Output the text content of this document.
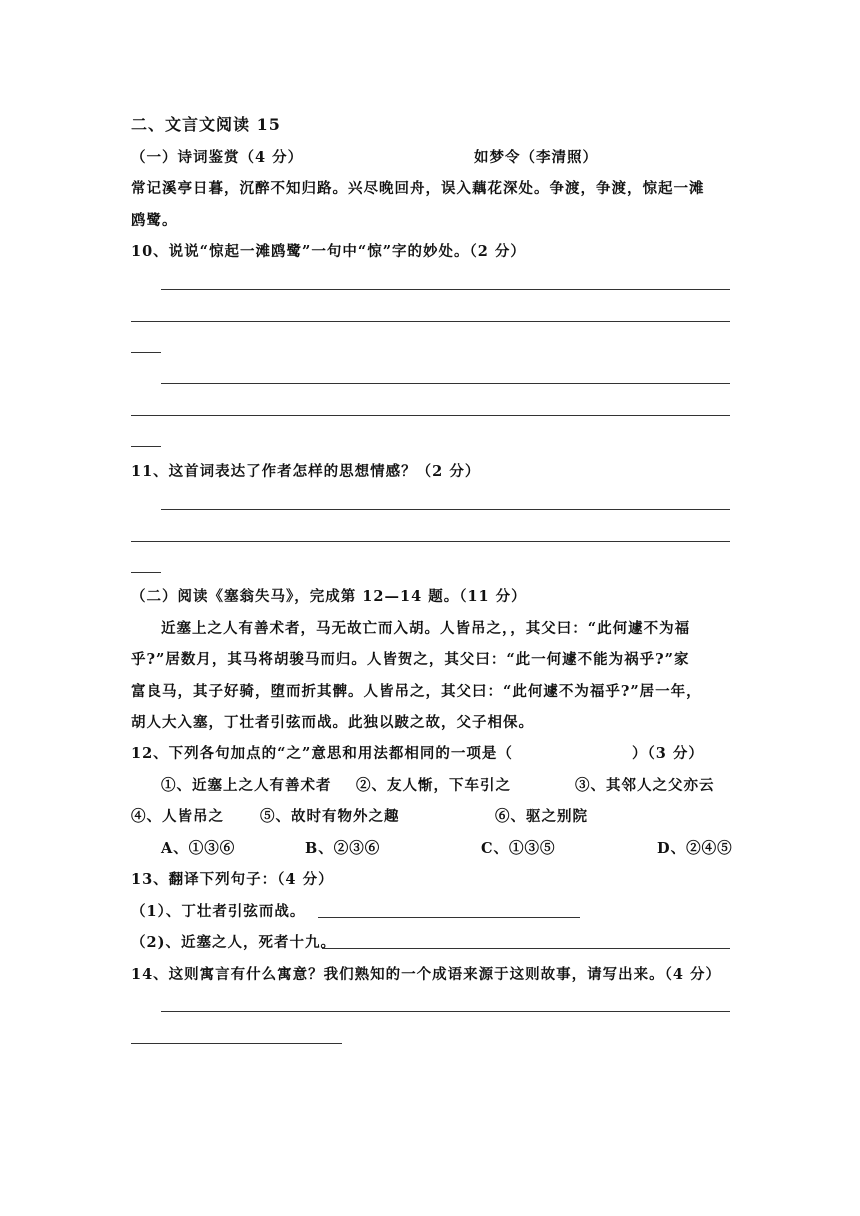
二、文言文阅读 15
（一）诗词鉴赏（4 分）	如梦令（李清照）
常记溪亭日暮，沉醉不知归路。兴尽晚回舟，误入藕花深处。争渡，争渡，惊起一滩
鸥鹭。
10、说说“惊起一滩鸥鹭”一句中“惊”字的妙处。（2 分）
11、这首词表达了作者怎样的思想情感？（2 分）
（二）阅读《塞翁失马》，完成第 12—14 题。（11 分）
近塞上之人有善术者，马无故亡而入胡。人皆吊之，，其父曰：“此何遽不为福
乎?”居数月，其马将胡骏马而归。人皆贺之，其父曰：“此一何遽不能为祸乎?”家
富良马，其子好骑，堕而折其髀。人皆吊之，其父曰：“此何遽不为福乎?”居一年，
胡人大入塞，丁壮者引弦而战。此独以跛之故，父子相保。
12、下列各句加点的“之”意思和用法都相同的一项是（	）（3 分）
①、近塞上之人有善术者 ②、友人惭，下车引之	③、其邻人之父亦云
④、人皆吊之 ⑤、故时有物外之趣	⑥、驱之别院
A、①③⑥	B、②③⑥	C、①③⑤	D、②④⑤
13、翻译下列句子：（4 分）
（1）、丁壮者引弦而战。
（2)、近塞之人，死者十九。
14、这则寓言有什么寓意？我们熟知的一个成语来源于这则故事，请写出来。（4 分）
